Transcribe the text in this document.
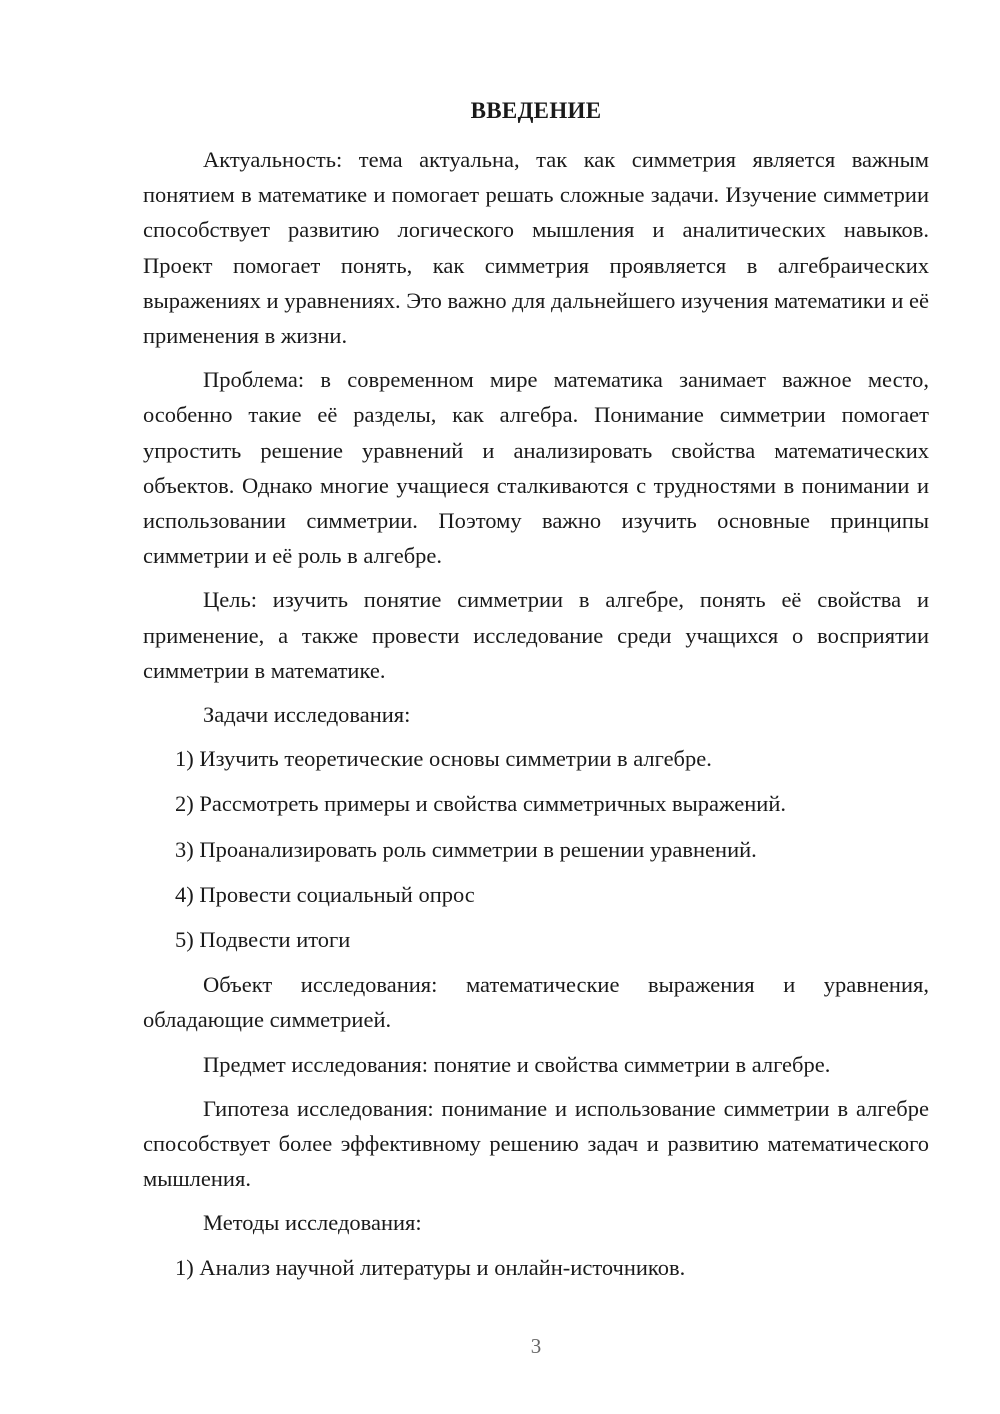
ВВЕДЕНИЕ

Актуальность: тема актуальна, так как симметрия является важным понятием в математике и помогает решать сложные задачи. Изучение симметрии способствует развитию логического мышления и аналитических навыков. Проект помогает понять, как симметрия проявляется в алгебраических выражениях и уравнениях. Это важно для дальнейшего изучения математики и её применения в жизни.

Проблема: в современном мире математика занимает важное место, особенно такие её разделы, как алгебра. Понимание симметрии помогает упростить решение уравнений и анализировать свойства математических объектов. Однако многие учащиеся сталкиваются с трудностями в понимании и использовании симметрии. Поэтому важно изучить основные принципы симметрии и её роль в алгебре.

Цель: изучить понятие симметрии в алгебре, понять её свойства и применение, а также провести исследование среди учащихся о восприятии симметрии в математике.

Задачи исследования:

1) Изучить теоретические основы симметрии в алгебре.

2) Рассмотреть примеры и свойства симметричных выражений.

3) Проанализировать роль симметрии в решении уравнений.

4) Провести социальный опрос

5) Подвести итоги

Объект исследования: математические выражения и уравнения, обладающие симметрией.

Предмет исследования: понятие и свойства симметрии в алгебре.

Гипотеза исследования: понимание и использование симметрии в алгебре способствует более эффективному решению задач и развитию математического мышления.

Методы исследования:

1) Анализ научной литературы и онлайн-источников.

3
